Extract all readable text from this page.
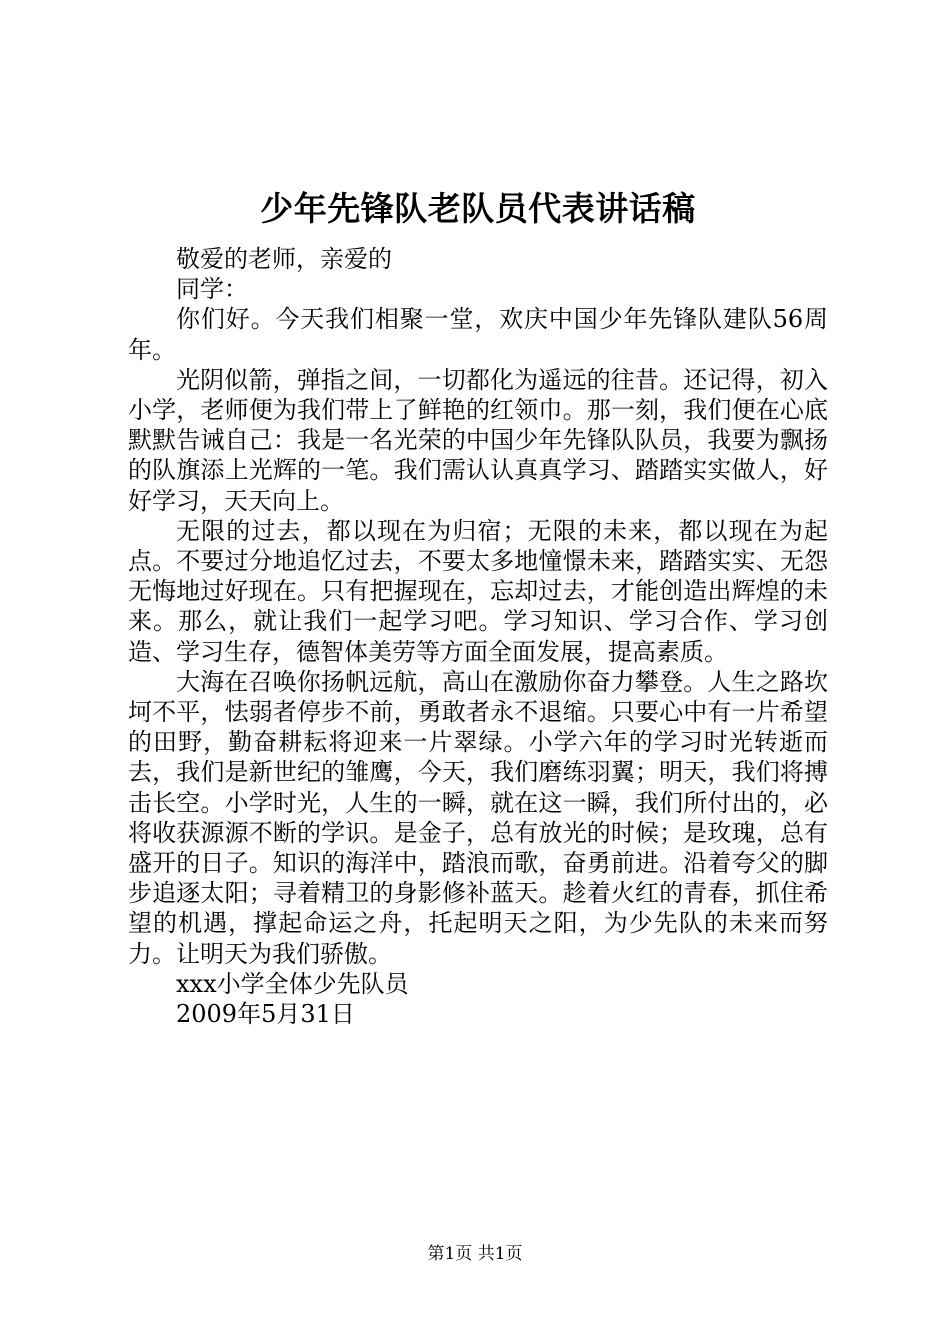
少年先锋队老队员代表讲话稿

敬爱的老师，亲爱的

同学：

你们好。今天我们相聚一堂，欢庆中国少年先锋队建队56周年。

光阴似箭，弹指之间，一切都化为遥远的往昔。还记得，初入小学，老师便为我们带上了鲜艳的红领巾。那一刻，我们便在心底默默告诫自己：我是一名光荣的中国少年先锋队队员，我要为飘扬的队旗添上光辉的一笔。我们需认认真真学习、踏踏实实做人，好好学习，天天向上。

无限的过去，都以现在为归宿；无限的未来，都以现在为起点。不要过分地追忆过去，不要太多地憧憬未来，踏踏实实、无怨无悔地过好现在。只有把握现在，忘却过去，才能创造出辉煌的未来。那么，就让我们一起学习吧。学习知识、学习合作、学习创造、学习生存，德智体美劳等方面全面发展，提高素质。

大海在召唤你扬帆远航，高山在激励你奋力攀登。人生之路坎坷不平，怯弱者停步不前，勇敢者永不退缩。只要心中有一片希望的田野，勤奋耕耘将迎来一片翠绿。小学六年的学习时光转逝而去，我们是新世纪的雏鹰，今天，我们磨练羽翼；明天，我们将搏击长空。小学时光，人生的一瞬，就在这一瞬，我们所付出的，必将收获源源不断的学识。是金子，总有放光的时候；是玫瑰，总有盛开的日子。知识的海洋中，踏浪而歌，奋勇前进。沿着夸父的脚步追逐太阳；寻着精卫的身影修补蓝天。趁着火红的青春，抓住希望的机遇，撑起命运之舟，托起明天之阳，为少先队的未来而努力。让明天为我们骄傲。

xxx小学全体少先队员

2009年5月31日

第1页 共1页
